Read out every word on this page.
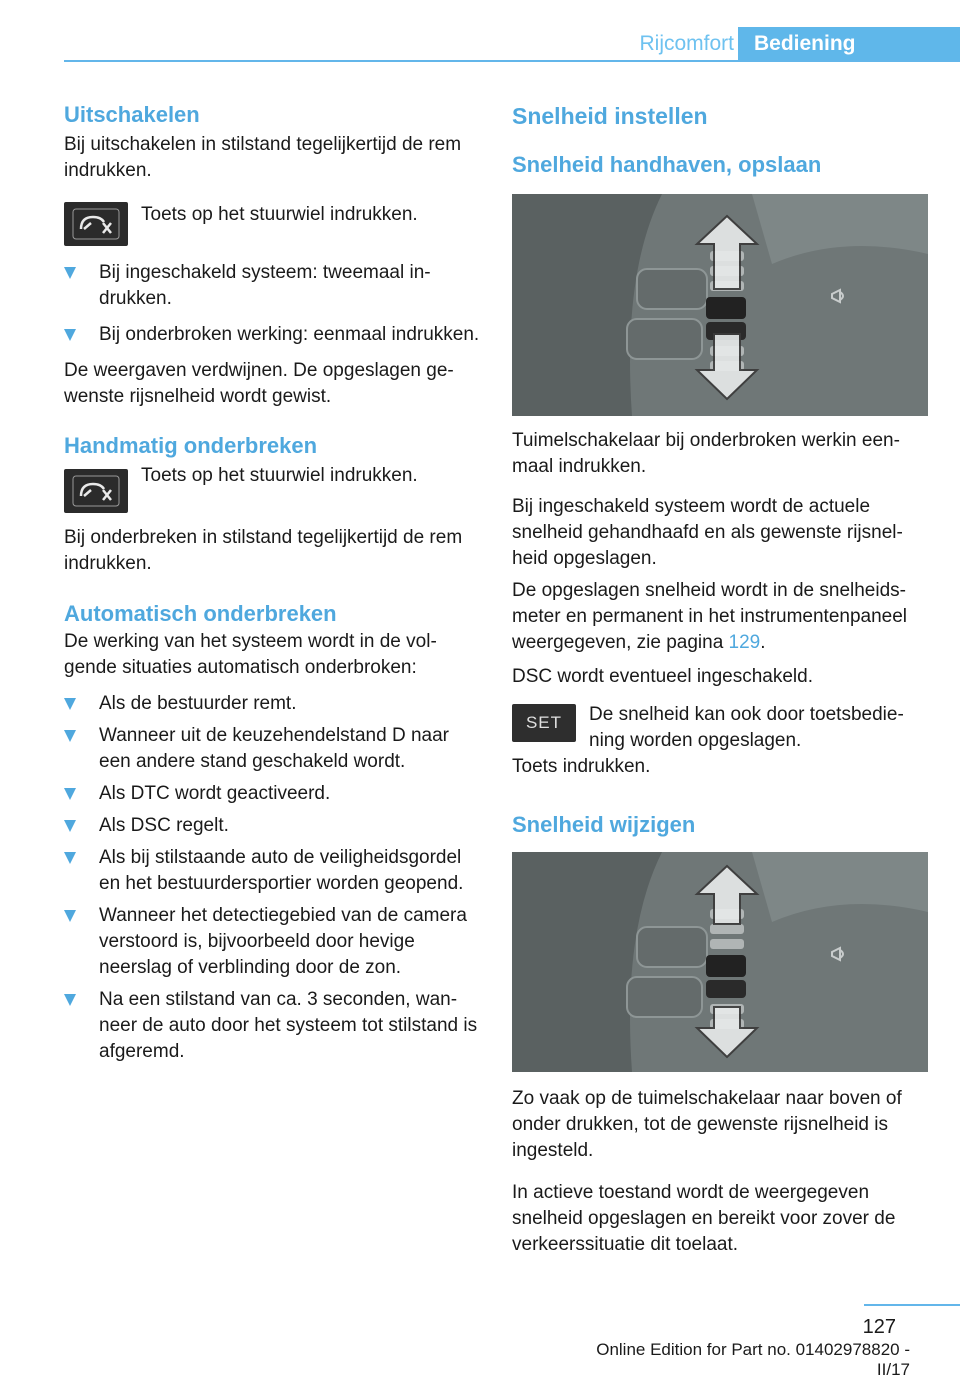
Rijcomfort Bediening
Uitschakelen

Bij uitschakelen in stilstand tegelijkertijd de rem indrukken.

Toets op het stuurwiel indrukken.
Bij ingeschakeld systeem: tweemaal indrukken.
Bij onderbroken werking: eenmaal indrukken.

De weergaven verdwijnen. De opgeslagen gewenste rijsnelheid wordt gewist.

Handmatig onderbreken
Toets op het stuurwiel indrukken.

Bij onderbreken in stilstand tegelijkertijd de rem indrukken.

Automatisch onderbreken

De werking van het systeem wordt in de volgende situaties automatisch onderbroken:

Als de bestuurder remt.
Wanneer uit de keuzehendelstand D naar een andere stand geschakeld wordt.
Als DTC wordt geactiveerd.
Als DSC regelt.
Als bij stilstaande auto de veiligheidsgordel en het bestuurdersportier worden geopend.
Wanneer het detectiegebied van de camera verstoord is, bijvoorbeeld door hevige neerslag of verblinding door de zon.
Na een stilstand van ca. 3 seconden, wanneer de auto door het systeem tot stilstand is afgeremd.
Snelheid instellen
Snelheid handhaven, opslaan

Tuimelschakelaar bij onderbroken werkin eenmaal indrukken.

Bij ingeschakeld systeem wordt de actuele snelheid gehandhaafd en als gewenste rijsnelheid opgeslagen.

De opgeslagen snelheid wordt in de snelheidsmeter en permanent in het instrumentenpaneel weergegeven, zie pagina 129.

DSC wordt eventueel ingeschakeld.

SET De snelheid kan ook door toetsbediening worden opgeslagen.

Toets indrukken.

Snelheid wijzigen

Zo vaak op de tuimelschakelaar naar boven of onder drukken, tot de gewenste rijsnelheid is ingesteld.

In actieve toestand wordt de weergegeven snelheid opgeslagen en bereikt voor zover de verkeerssituatie dit toelaat.

127
Online Edition for Part no. 01402978820 - II/17
